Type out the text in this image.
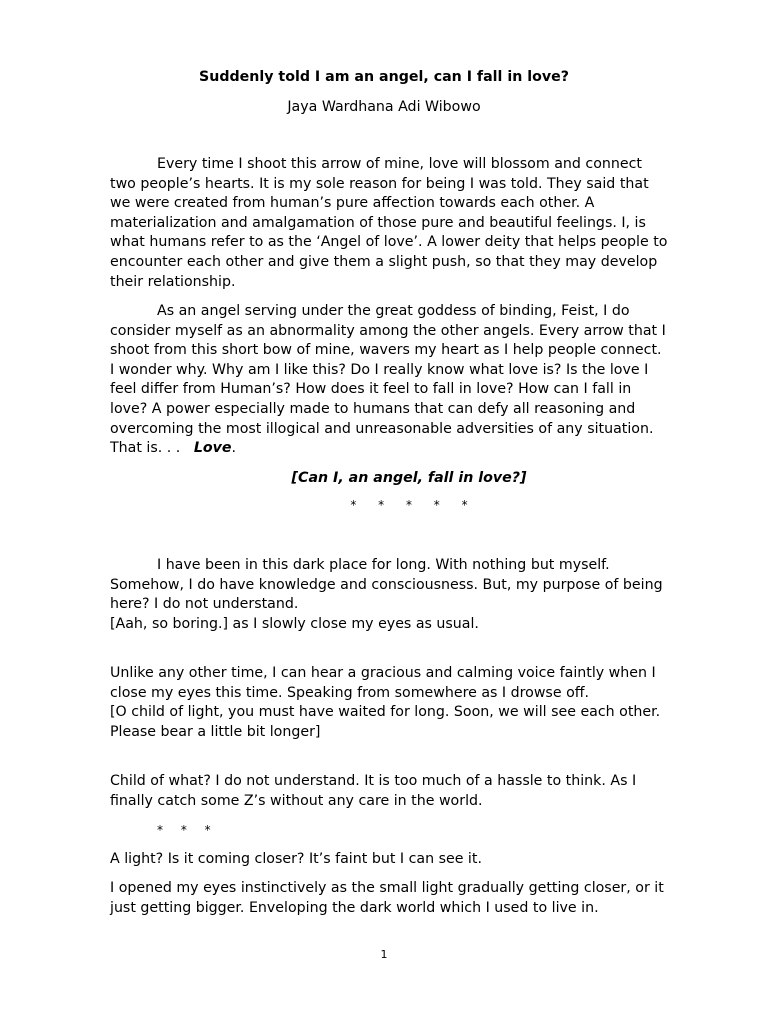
Suddenly told I am an angel, can I fall in love?
Jaya Wardhana Adi Wibowo

Every time I shoot this arrow of mine, love will blossom and connect two people’s hearts. It is my sole reason for being I was told. They said that we were created from human’s pure affection towards each other. A materialization and amalgamation of those pure and beautiful feelings. I, is what humans refer to as the ‘Angel of love’. A lower deity that helps people to encounter each other and give them a slight push, so that they may develop their relationship.

As an angel serving under the great goddess of binding, Feist, I do consider myself as an abnormality among the other angels. Every arrow that I shoot from this short bow of mine, wavers my heart as I help people connect. I wonder why. Why am I like this? Do I really know what love is? Is the love I feel differ from Human’s? How does it feel to fall in love? How can I fall in love? A power especially made to humans that can defy all reasoning and overcoming the most illogical and unreasonable adversities of any situation. That is. . . Love.

[Can I, an angel, fall in love?]
* * * * *

I have been in this dark place for long. With nothing but myself. Somehow, I do have knowledge and consciousness. But, my purpose of being here? I do not understand.

[Aah, so boring.] as I slowly close my eyes as usual.

Unlike any other time, I can hear a gracious and calming voice faintly when I close my eyes this time. Speaking from somewhere as I drowse off.

[O child of light, you must have waited for long. Soon, we will see each other. Please bear a little bit longer]

Child of what? I do not understand. It is too much of a hassle to think. As I finally catch some Z’s without any care in the world.

* * *

A light? Is it coming closer? It’s faint but I can see it.

I opened my eyes instinctively as the small light gradually getting closer, or it just getting bigger. Enveloping the dark world which I used to live in.

1
